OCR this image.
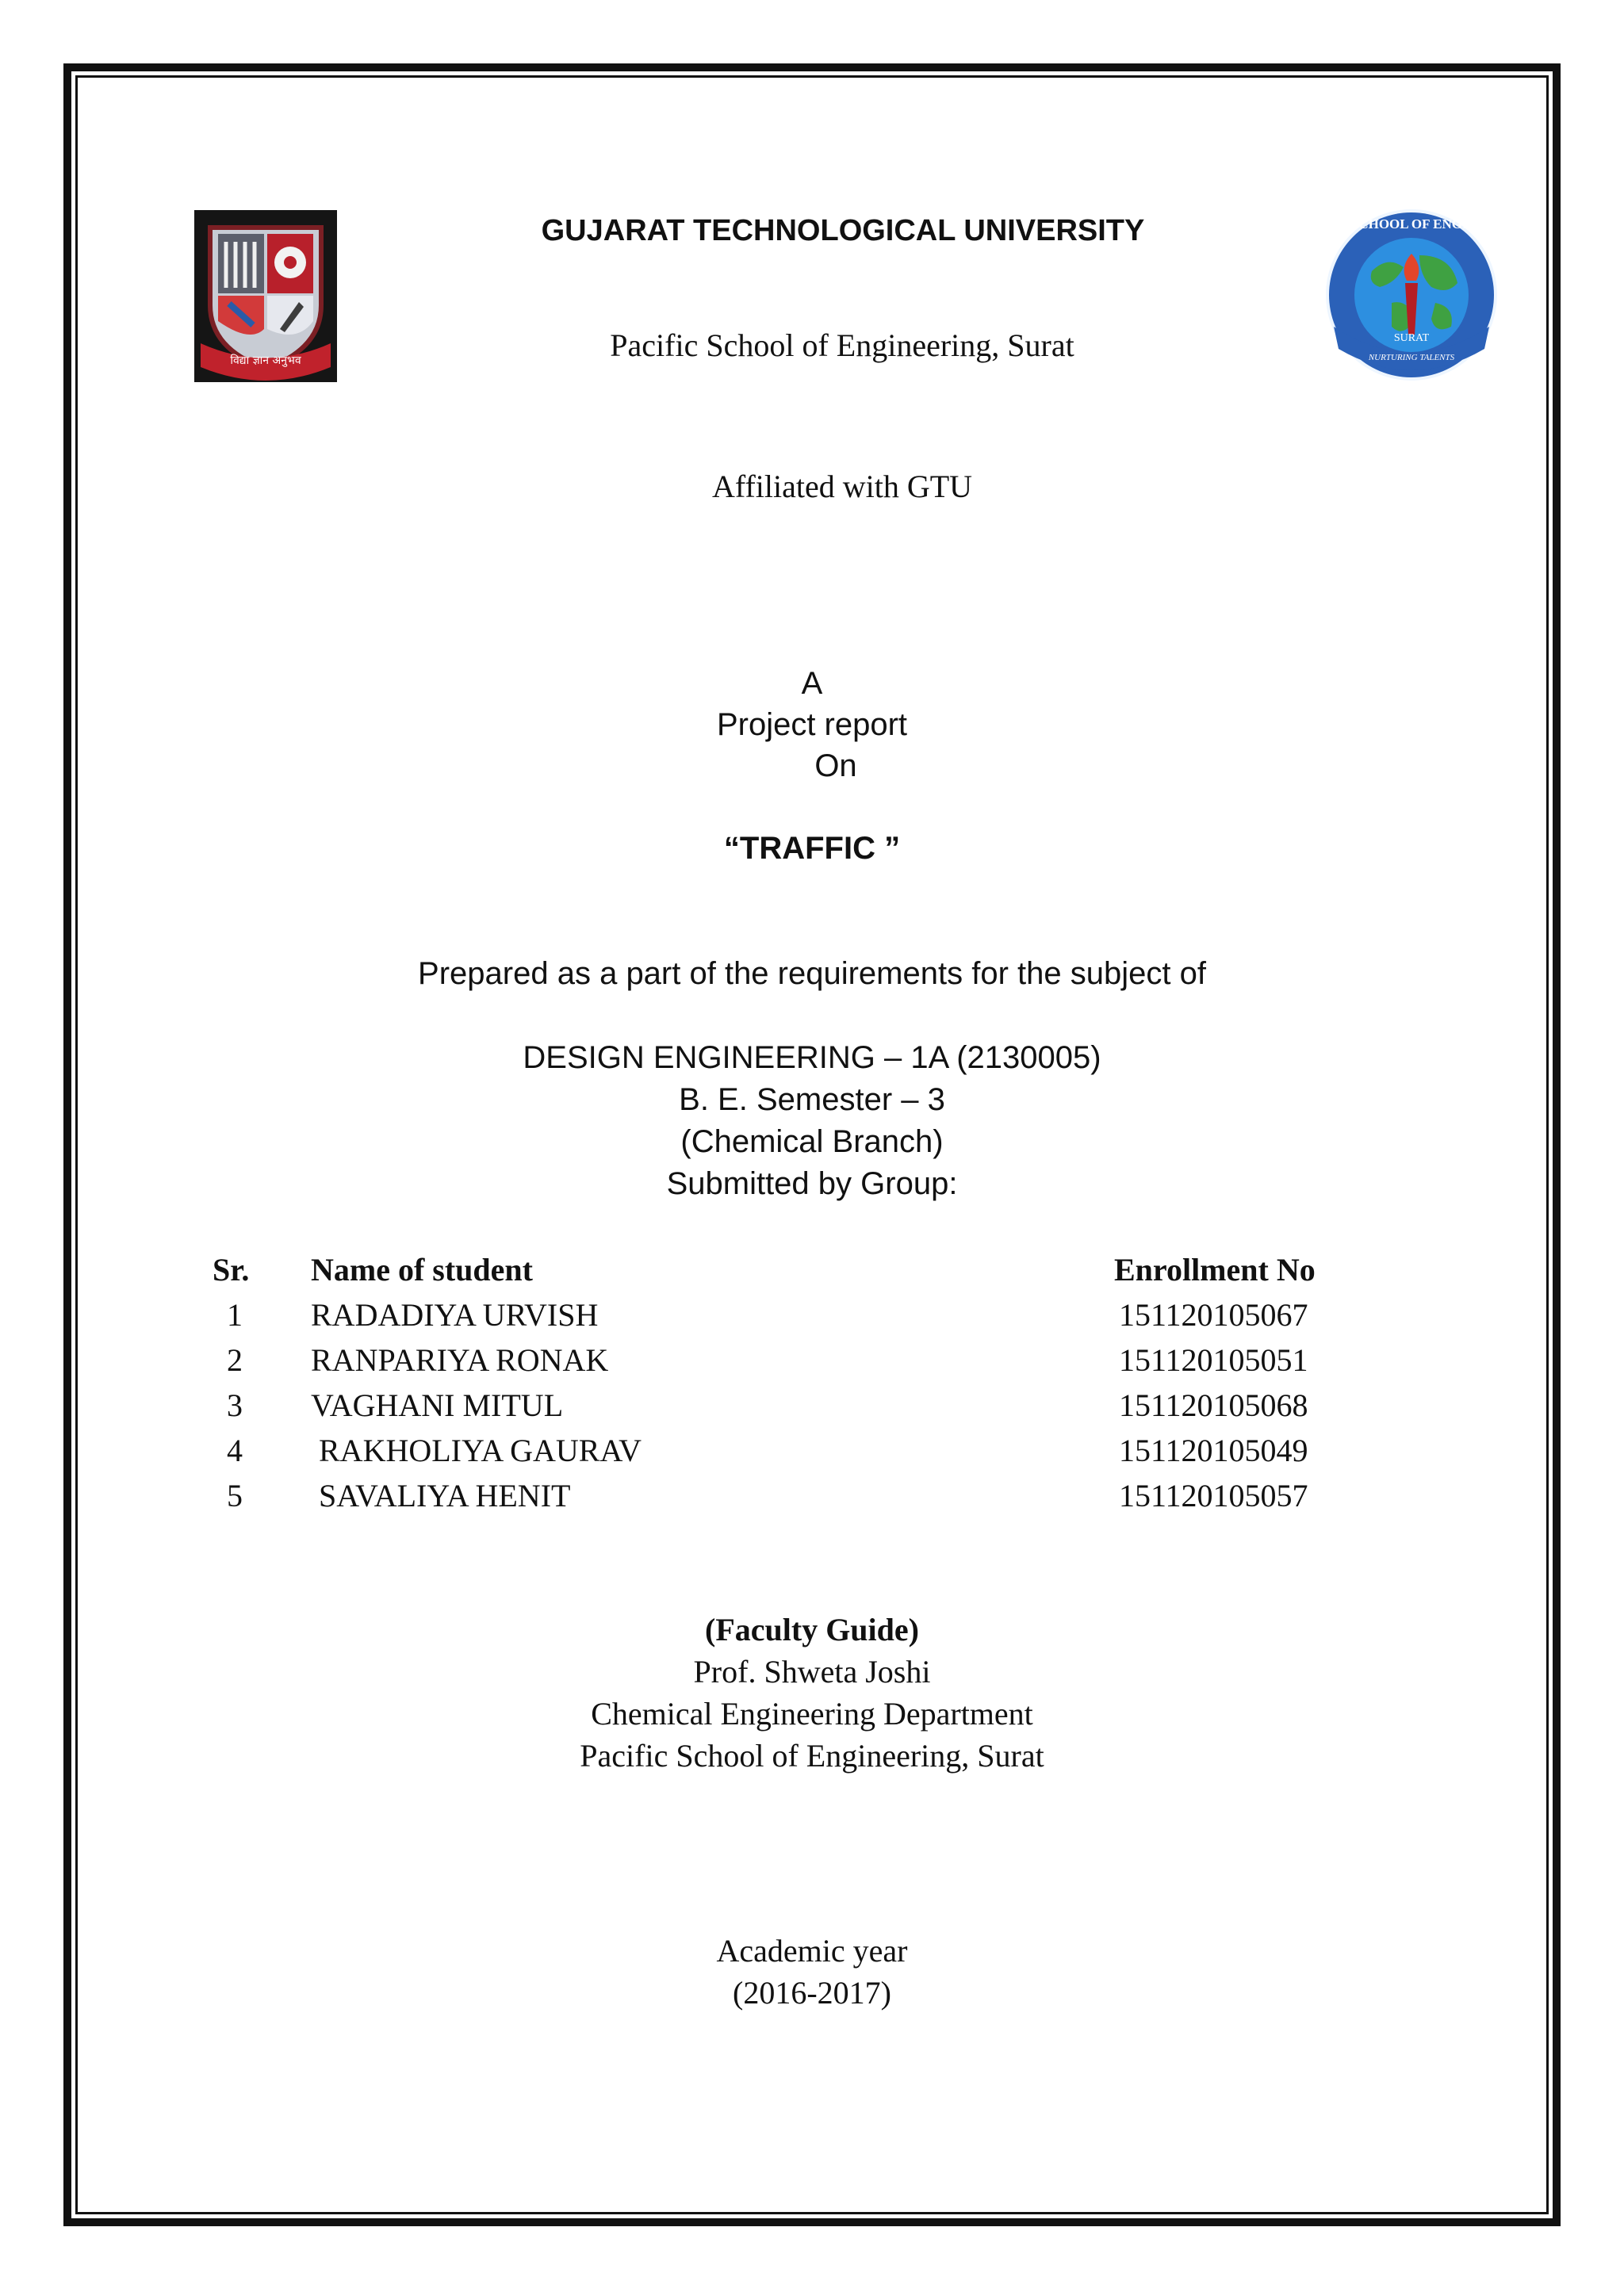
विद्या ज्ञान अनुभव
PACIFIC SCHOOL OF ENGINEERING
SURAT
NURTURING TALENTS
GUJARAT TECHNOLOGICAL UNIVERSITY
Pacific School of Engineering, Surat
Affiliated with GTU
A
Project report
On
“TRAFFIC ”
Prepared as a part of the requirements for the subject of
DESIGN ENGINEERING – 1A (2130005)
B. E. Semester – 3
(Chemical Branch)
Submitted by Group:
Sr. Name of student	Enrollment No
1 RADADIYA URVISH	151120105067
2 RANPARIYA RONAK	151120105051
3 VAGHANI MITUL	151120105068
4 RAKHOLIYA GAURAV	151120105049
5 SAVALIYA HENIT	151120105057
(Faculty Guide)
Prof. Shweta Joshi
Chemical Engineering Department
Pacific School of Engineering, Surat
Academic year
(2016-2017)
